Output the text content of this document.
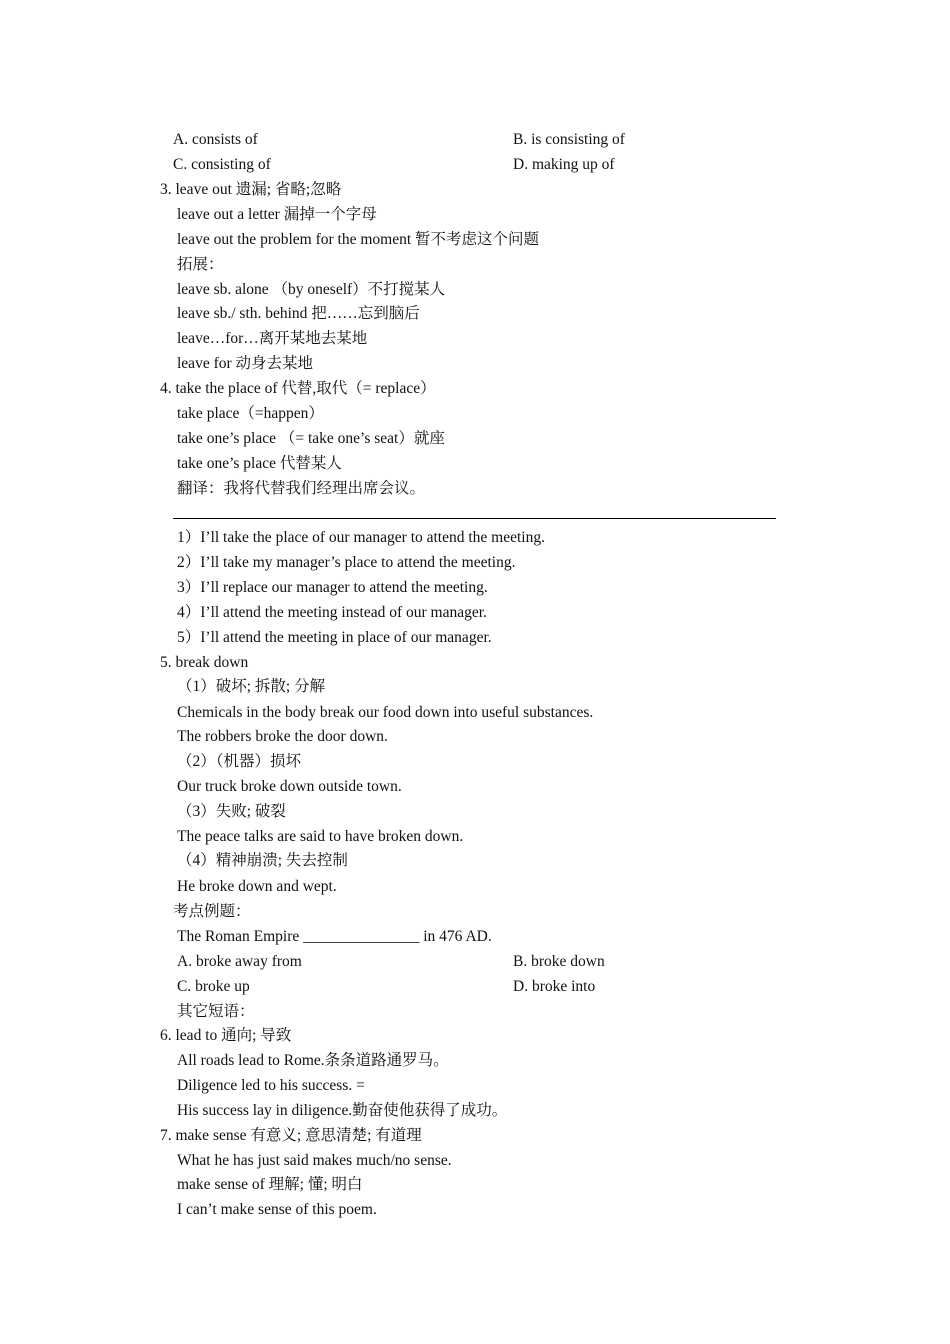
A. consists of	B. is consisting of
C. consisting of	D. making up of
3. leave out 遗漏; 省略;忽略
leave out a letter 漏掉一个字母
leave out the problem for the moment 暂不考虑这个问题
拓展：
leave sb. alone （by oneself）不打搅某人
leave sb./ sth. behind 把……忘到脑后
leave…for…离开某地去某地
leave for 动身去某地
4. take the place of 代替,取代（= replace）
take place（=happen）
take one’s place （= take one’s seat）就座
take one’s place 代替某人
翻译：我将代替我们经理出席会议。
1）I’ll take the place of our manager to attend the meeting.
2）I’ll take my manager’s place to attend the meeting.
3）I’ll replace our manager to attend the meeting.
4）I’ll attend the meeting instead of our manager.
5）I’ll attend the meeting in place of our manager.
5. break down
（1）破坏; 拆散; 分解
Chemicals in the body break our food down into useful substances.
The robbers broke the door down.
（2）（机器）损坏
Our truck broke down outside town.
（3）失败; 破裂
The peace talks are said to have broken down.
（4）精神崩溃; 失去控制
He broke down and wept.
考点例题：
The Roman Empire _______________ in 476 AD.
A. broke away from	B. broke down
C. broke up	D. broke into
其它短语：
6. lead to 通向; 导致
All roads lead to Rome.条条道路通罗马。
Diligence led to his success. =
His success lay in diligence.勤奋使他获得了成功。
7. make sense 有意义; 意思清楚; 有道理
What he has just said makes much/no sense.
make sense of 理解; 懂; 明白
I can’t make sense of this poem.
